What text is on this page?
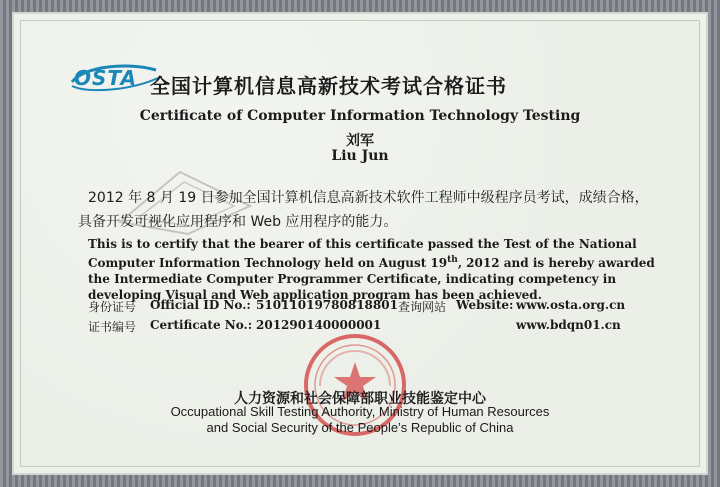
OSTA 全国计算机信息高新技术考试合格证书
Certificate of Computer Information Technology Testing
刘军
Liu Jun
2012 年 8 月 19 日参加全国计算机信息高新技术软件工程师中级程序员考试，成绩合格，
具备开发可视化应用程序和 Web 应用程序的能力。
This is to certify that the bearer of this certificate passed the Test of the National Computer Information Technology held on August 19th, 2012 and is hereby awarded the Intermediate Computer Programmer Certificate, indicating competency in developing Visual and Web application program has been achieved.
身份证号 Official ID No.: 51011019780818801 查询网站 Website: www.osta.org.cn
证书编号 Certificate No.: 201290140000001	www.bdqn01.cn
人力资源和社会保障部职业技能鉴定中心
Occupational Skill Testing Authority, Ministry of Human Resources
and Social Security of the People’s Republic of China
